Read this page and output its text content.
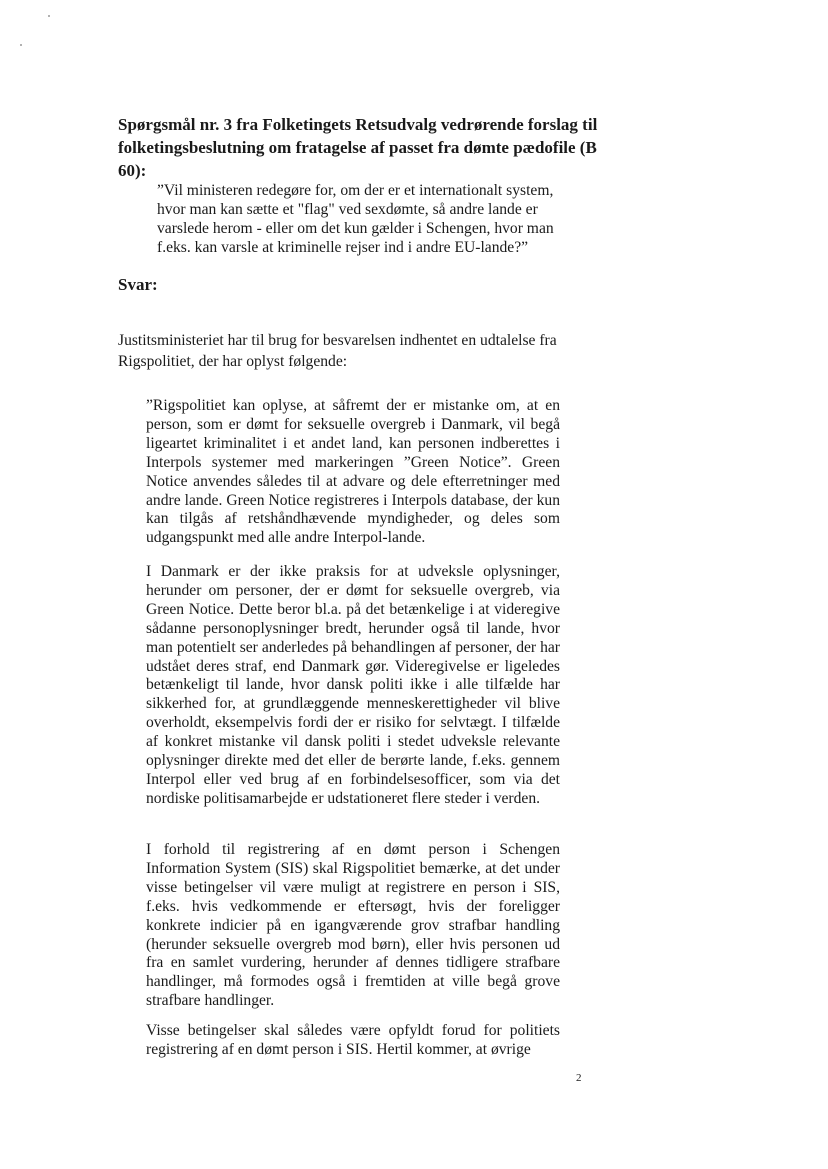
Spørgsmål nr. 3 fra Folketingets Retsudvalg vedrørende forslag til folketingsbeslutning om fratagelse af passet fra dømte pædofile (B 60):

”Vil ministeren redegøre for, om der er et internationalt system, hvor man kan sætte et "flag" ved sexdømte, så andre lande er varslede herom - eller om det kun gælder i Schengen, hvor man f.eks. kan varsle at kriminelle rejser ind i andre EU-lande?”

Svar:

Justitsministeriet har til brug for besvarelsen indhentet en udtalelse fra Rigspolitiet, der har oplyst følgende:

”Rigspolitiet kan oplyse, at såfremt der er mistanke om, at en person, som er dømt for seksuelle overgreb i Danmark, vil begå ligeartet kriminalitet i et andet land, kan personen indberettes i Interpols systemer med markeringen ”Green Notice”. Green Notice anvendes således til at advare og dele efterretninger med andre lande. Green Notice registreres i Interpols database, der kun kan tilgås af retshåndhævende myndigheder, og deles som udgangspunkt med alle andre Interpol-lande.

I Danmark er der ikke praksis for at udveksle oplysninger, herunder om personer, der er dømt for seksuelle overgreb, via Green Notice. Dette beror bl.a. på det betænkelige i at videregive sådanne personoplysninger bredt, herunder også til lande, hvor man potentielt ser anderledes på behandlingen af personer, der har udstået deres straf, end Danmark gør. Videregivelse er ligeledes betænkeligt til lande, hvor dansk politi ikke i alle tilfælde har sikkerhed for, at grundlæggende menneskerettigheder vil blive overholdt, eksempelvis fordi der er risiko for selvtægt. I tilfælde af konkret mistanke vil dansk politi i stedet udveksle relevante oplysninger direkte med det eller de berørte lande, f.eks. gennem Interpol eller ved brug af en forbindelsesofficer, som via det nordiske politisamarbejde er udstationeret flere steder i verden.

I forhold til registrering af en dømt person i Schengen Information System (SIS) skal Rigspolitiet bemærke, at det under visse betingelser vil være muligt at registrere en person i SIS, f.eks. hvis vedkommende er eftersøgt, hvis der foreligger konkrete indicier på en igangværende grov strafbar handling (herunder seksuelle overgreb mod børn), eller hvis personen ud fra en samlet vurdering, herunder af dennes tidligere strafbare handlinger, må formodes også i fremtiden at ville begå grove strafbare handlinger.

Visse betingelser skal således være opfyldt forud for politiets registrering af en dømt person i SIS. Hertil kommer, at øvrige

2
